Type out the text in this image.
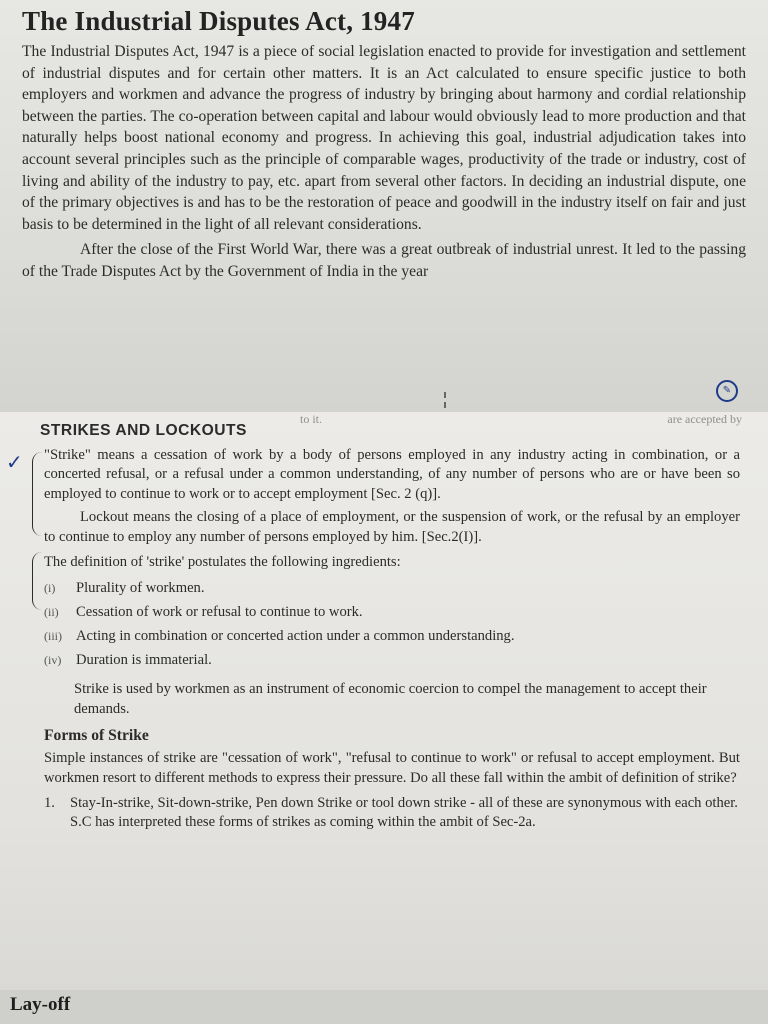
The Industrial Disputes Act, 1947

The Industrial Disputes Act, 1947 is a piece of social legislation enacted to provide for investigation and settlement of industrial disputes and for certain other matters. It is an Act calculated to ensure specific justice to both employers and workmen and advance the progress of industry by bringing about harmony and cordial relationship between the parties. The co-operation between capital and labour would obviously lead to more production and that naturally helps boost national economy and progress. In achieving this goal, industrial adjudication takes into account several principles such as the principle of comparable wages, productivity of the trade or industry, cost of living and ability of the industry to pay, etc. apart from several other factors. In deciding an industrial dispute, one of the primary objectives is and has to be the restoration of peace and goodwill in the industry itself on fair and just basis to be determined in the light of all relevant considerations.

After the close of the First World War, there was a great outbreak of industrial unrest. It led to the passing of the Trade Disputes Act by the Government of India in the year

✎
to it.	are accepted by
STRIKES AND LOCKOUTS

"Strike" means a cessation of work by a body of persons employed in any industry acting in combination, or a concerted refusal, or a refusal under a common understanding, of any number of persons who are or have been so employed to continue to work or to accept employment [Sec. 2 (q)].

Lockout means the closing of a place of employment, or the suspension of work, or the refusal by an employer to continue to employ any number of persons employed by him. [Sec.2(I)].

The definition of 'strike' postulates the following ingredients:

(i)	Plurality of workmen.
(ii)	Cessation of work or refusal to continue to work.
(iii) Acting in combination or concerted action under a common understanding.
(iv)	Duration is immaterial.

Strike is used by workmen as an instrument of economic coercion to compel the management to accept their demands.

Forms of Strike

Simple instances of strike are "cessation of work", "refusal to continue to work" or refusal to accept employment. But workmen resort to different methods to express their pressure. Do all these fall within the ambit of definition of strike?

1. Stay-In-strike, Sit-down-strike, Pen down Strike or tool down strike - all of these are synonymous with each other. S.C has interpreted these forms of strikes as coming within the ambit of Sec-2a.
✓
Lay-off
